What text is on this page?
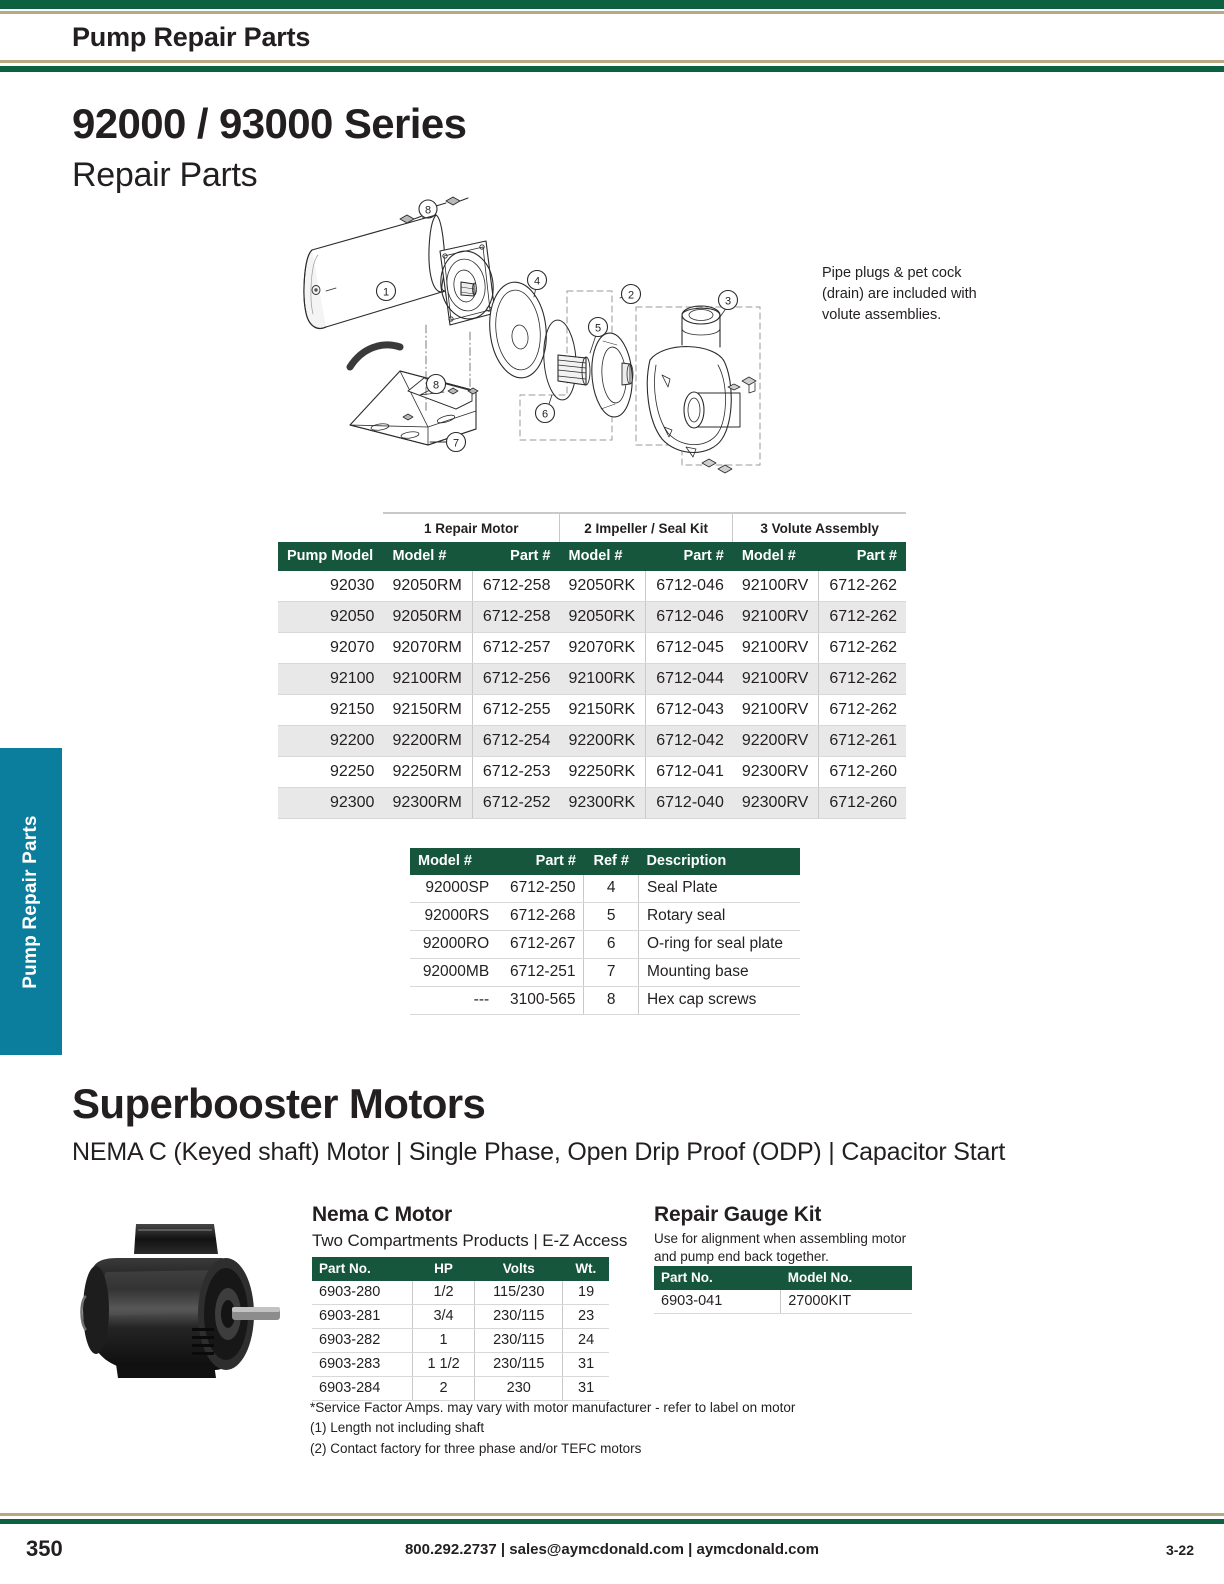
Pump Repair Parts
Pump Repair Parts
92000 / 93000 Series
Repair Parts
8
1
8
7
4
2
6
5
3
Pipe plugs & pet cock (drain) are included with volute assemblies.
	1 Repair Motor		2 Impeller / Seal Kit		3 Volute Assembly	
Pump Model	Model #	Part #	Model #	Part #	Model #	Part #
92030	92050RM	6712-258	92050RK	6712-046	92100RV	6712-262
92050	92050RM	6712-258	92050RK	6712-046	92100RV	6712-262
92070	92070RM	6712-257	92070RK	6712-045	92100RV	6712-262
92100	92100RM	6712-256	92100RK	6712-044	92100RV	6712-262
92150	92150RM	6712-255	92150RK	6712-043	92100RV	6712-262
92200	92200RM	6712-254	92200RK	6712-042	92200RV	6712-261
92250	92250RM	6712-253	92250RK	6712-041	92300RV	6712-260
92300	92300RM	6712-252	92300RK	6712-040	92300RV	6712-260
Model #	Part #	Ref #	Description
92000SP	6712-250	4	Seal Plate
92000RS	6712-268	5	Rotary seal
92000RO	6712-267	6	O-ring for seal plate
92000MB	6712-251	7	Mounting base
---	3100-565	8	Hex cap screws
Superbooster Motors
NEMA C (Keyed shaft) Motor | Single Phase, Open Drip Proof (ODP) | Capacitor Start
Nema C Motor
Two Compartments Products | E-Z Access
Part No.	HP	Volts	Wt.
6903-280	1/2	115/230	19
6903-281	3/4	230/115	23
6903-282	1	230/115	24
6903-283	1 1/2	230/115	31
6903-284	2	230	31
Repair Gauge Kit
Use for alignment when assembling motor and pump end back together.
Part No.	Model No.
6903-041	27000KIT
*Service Factor Amps. may vary with motor manufacturer - refer to label on motor
(1) Length not including shaft
(2) Contact factory for three phase and/or TEFC motors
350	800.292.2737 | sales@aymcdonald.com | aymcdonald.com	3-22
